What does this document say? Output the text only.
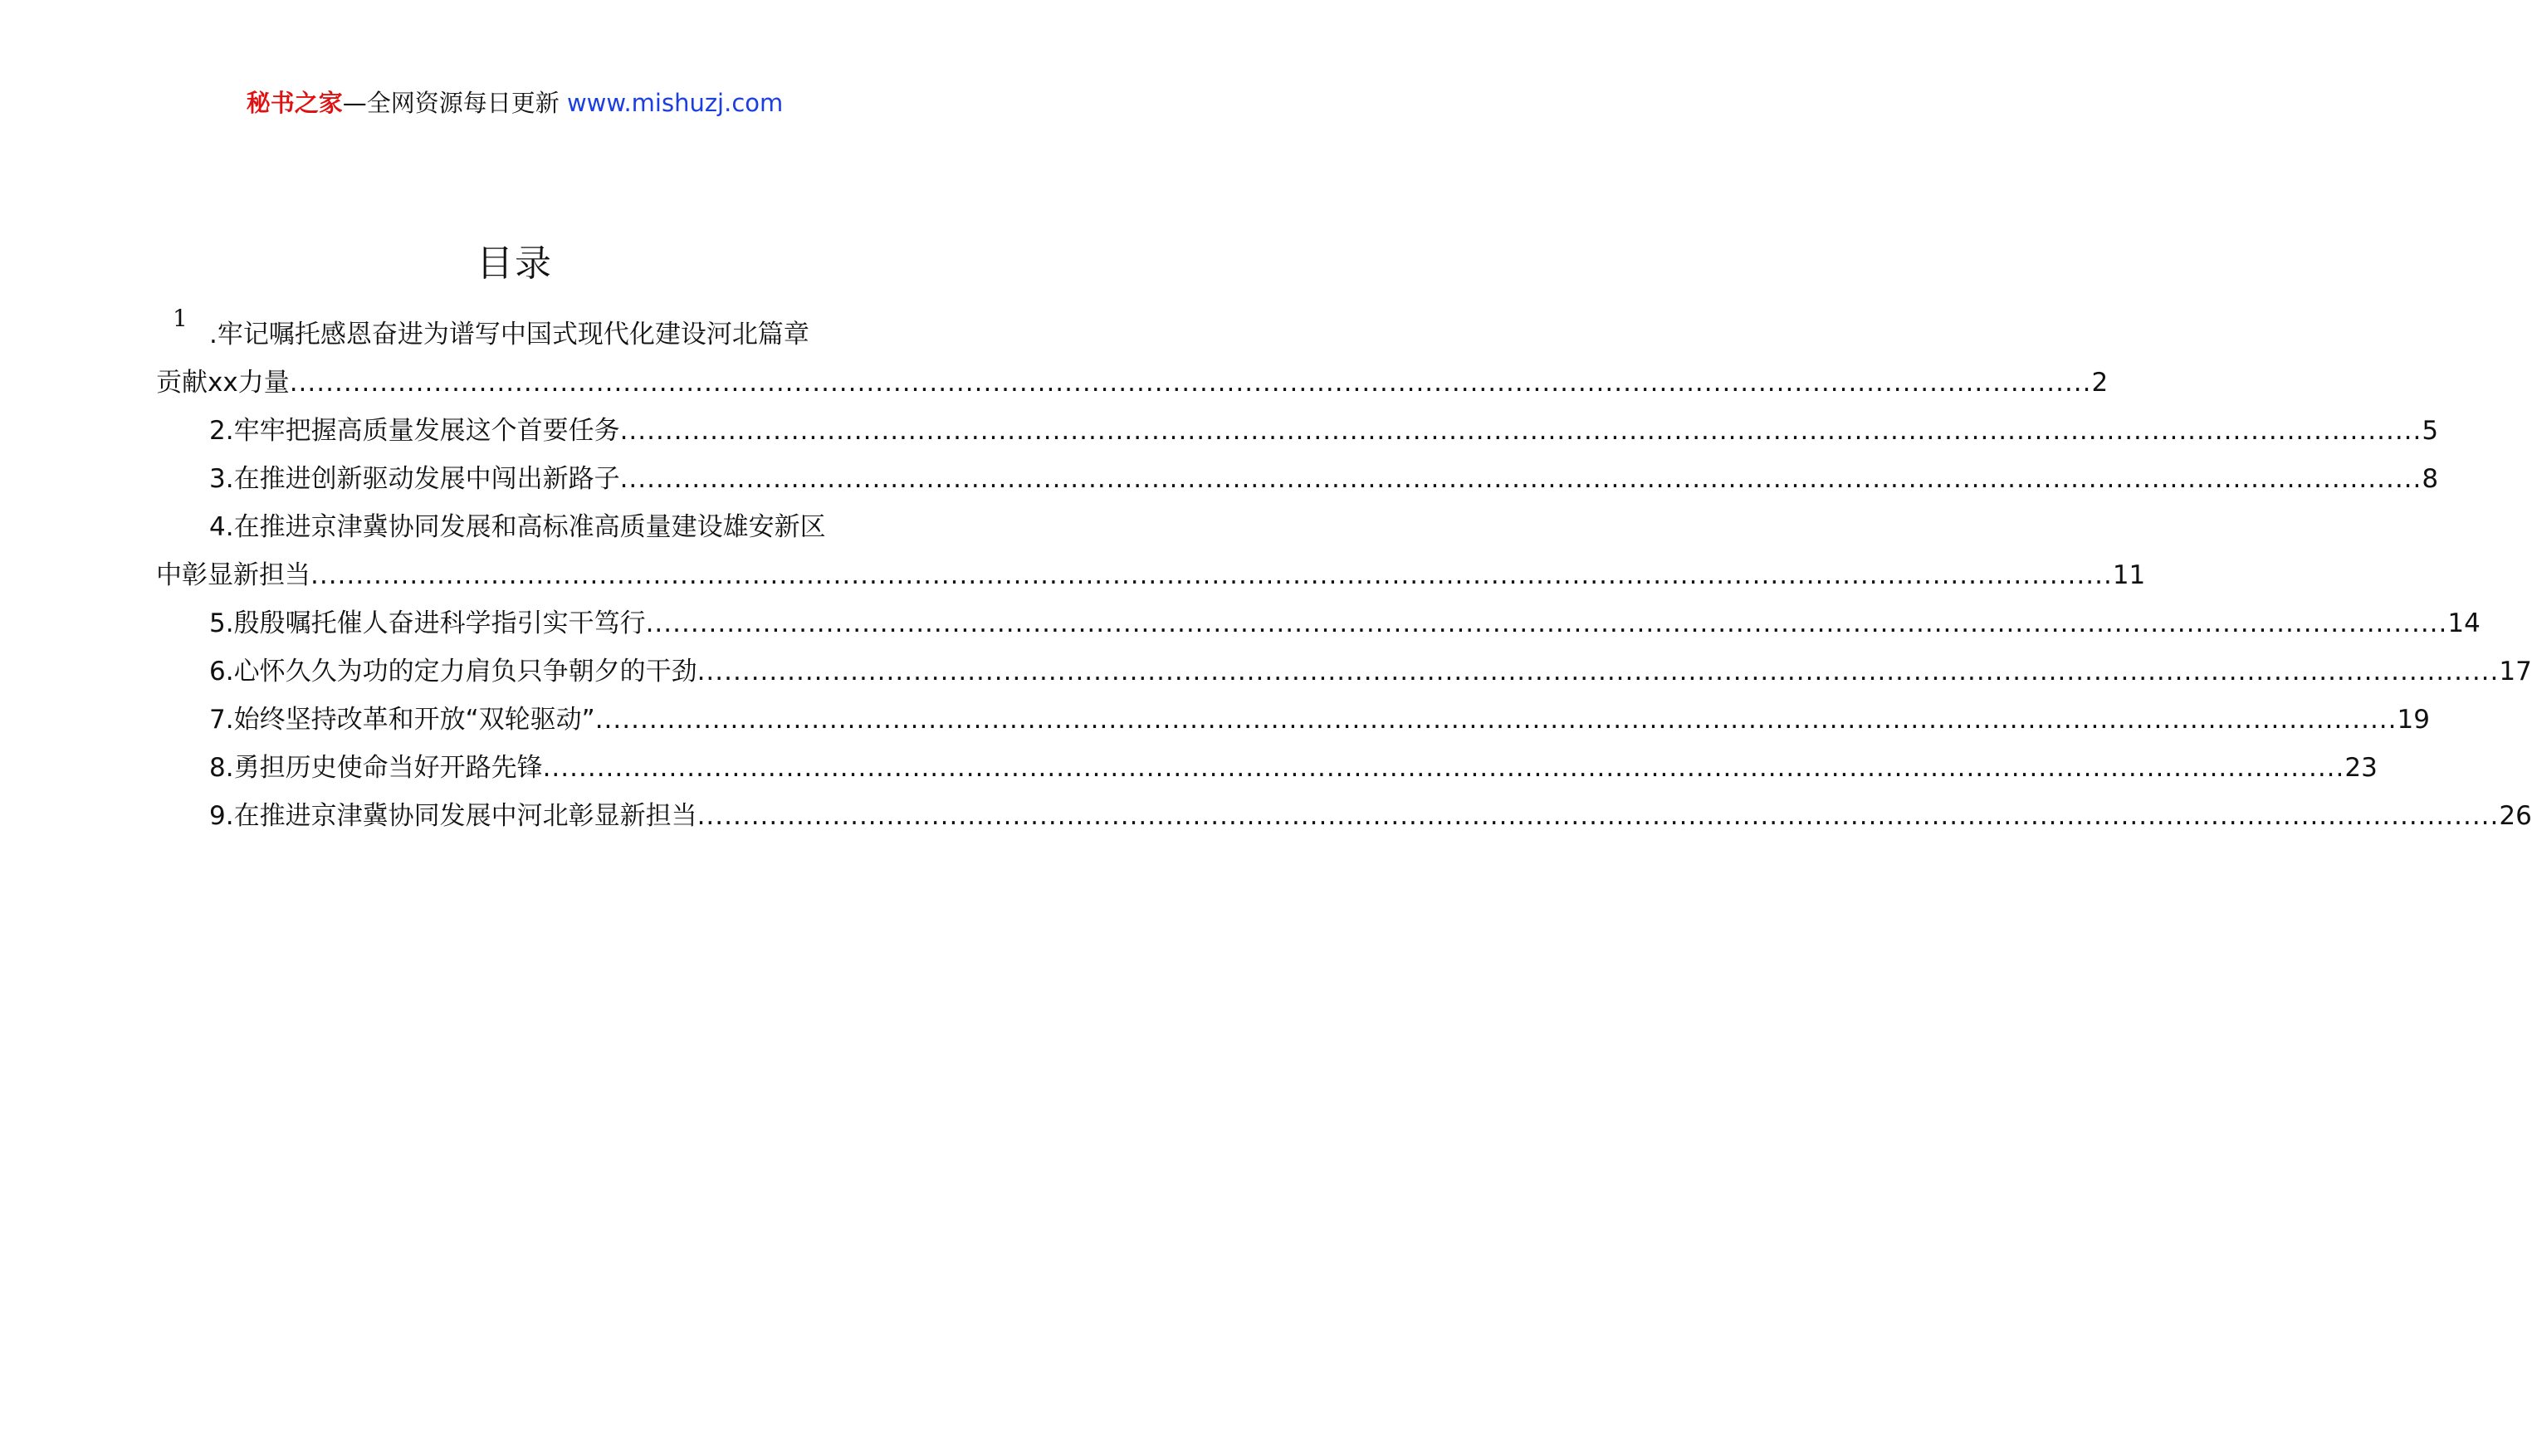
秘书之家—全网资源每日更新 www.mishuzj.com
目录
1
.牢记嘱托感恩奋进为谱写中国式现代化建设河北篇章
贡献xx力量 ........................................................................................................................................................................................................ 2
2.牢牢把握高质量发展这个首要任务 ........................................................................................................................................................................................................ 5
3.在推进创新驱动发展中闯出新路子 ........................................................................................................................................................................................................ 8
4.在推进京津冀协同发展和高标准高质量建设雄安新区
中彰显新担当 ........................................................................................................................................................................................................ 11
5.殷殷嘱托催人奋进科学指引实干笃行 ........................................................................................................................................................................................................ 14
6.心怀久久为功的定力肩负只争朝夕的干劲 ........................................................................................................................................................................................................ 17
7.始终坚持改革和开放“双轮驱动” ........................................................................................................................................................................................................ 19
8.勇担历史使命当好开路先锋 ........................................................................................................................................................................................................ 23
9.在推进京津冀协同发展中河北彰显新担当 ........................................................................................................................................................................................................ 26
